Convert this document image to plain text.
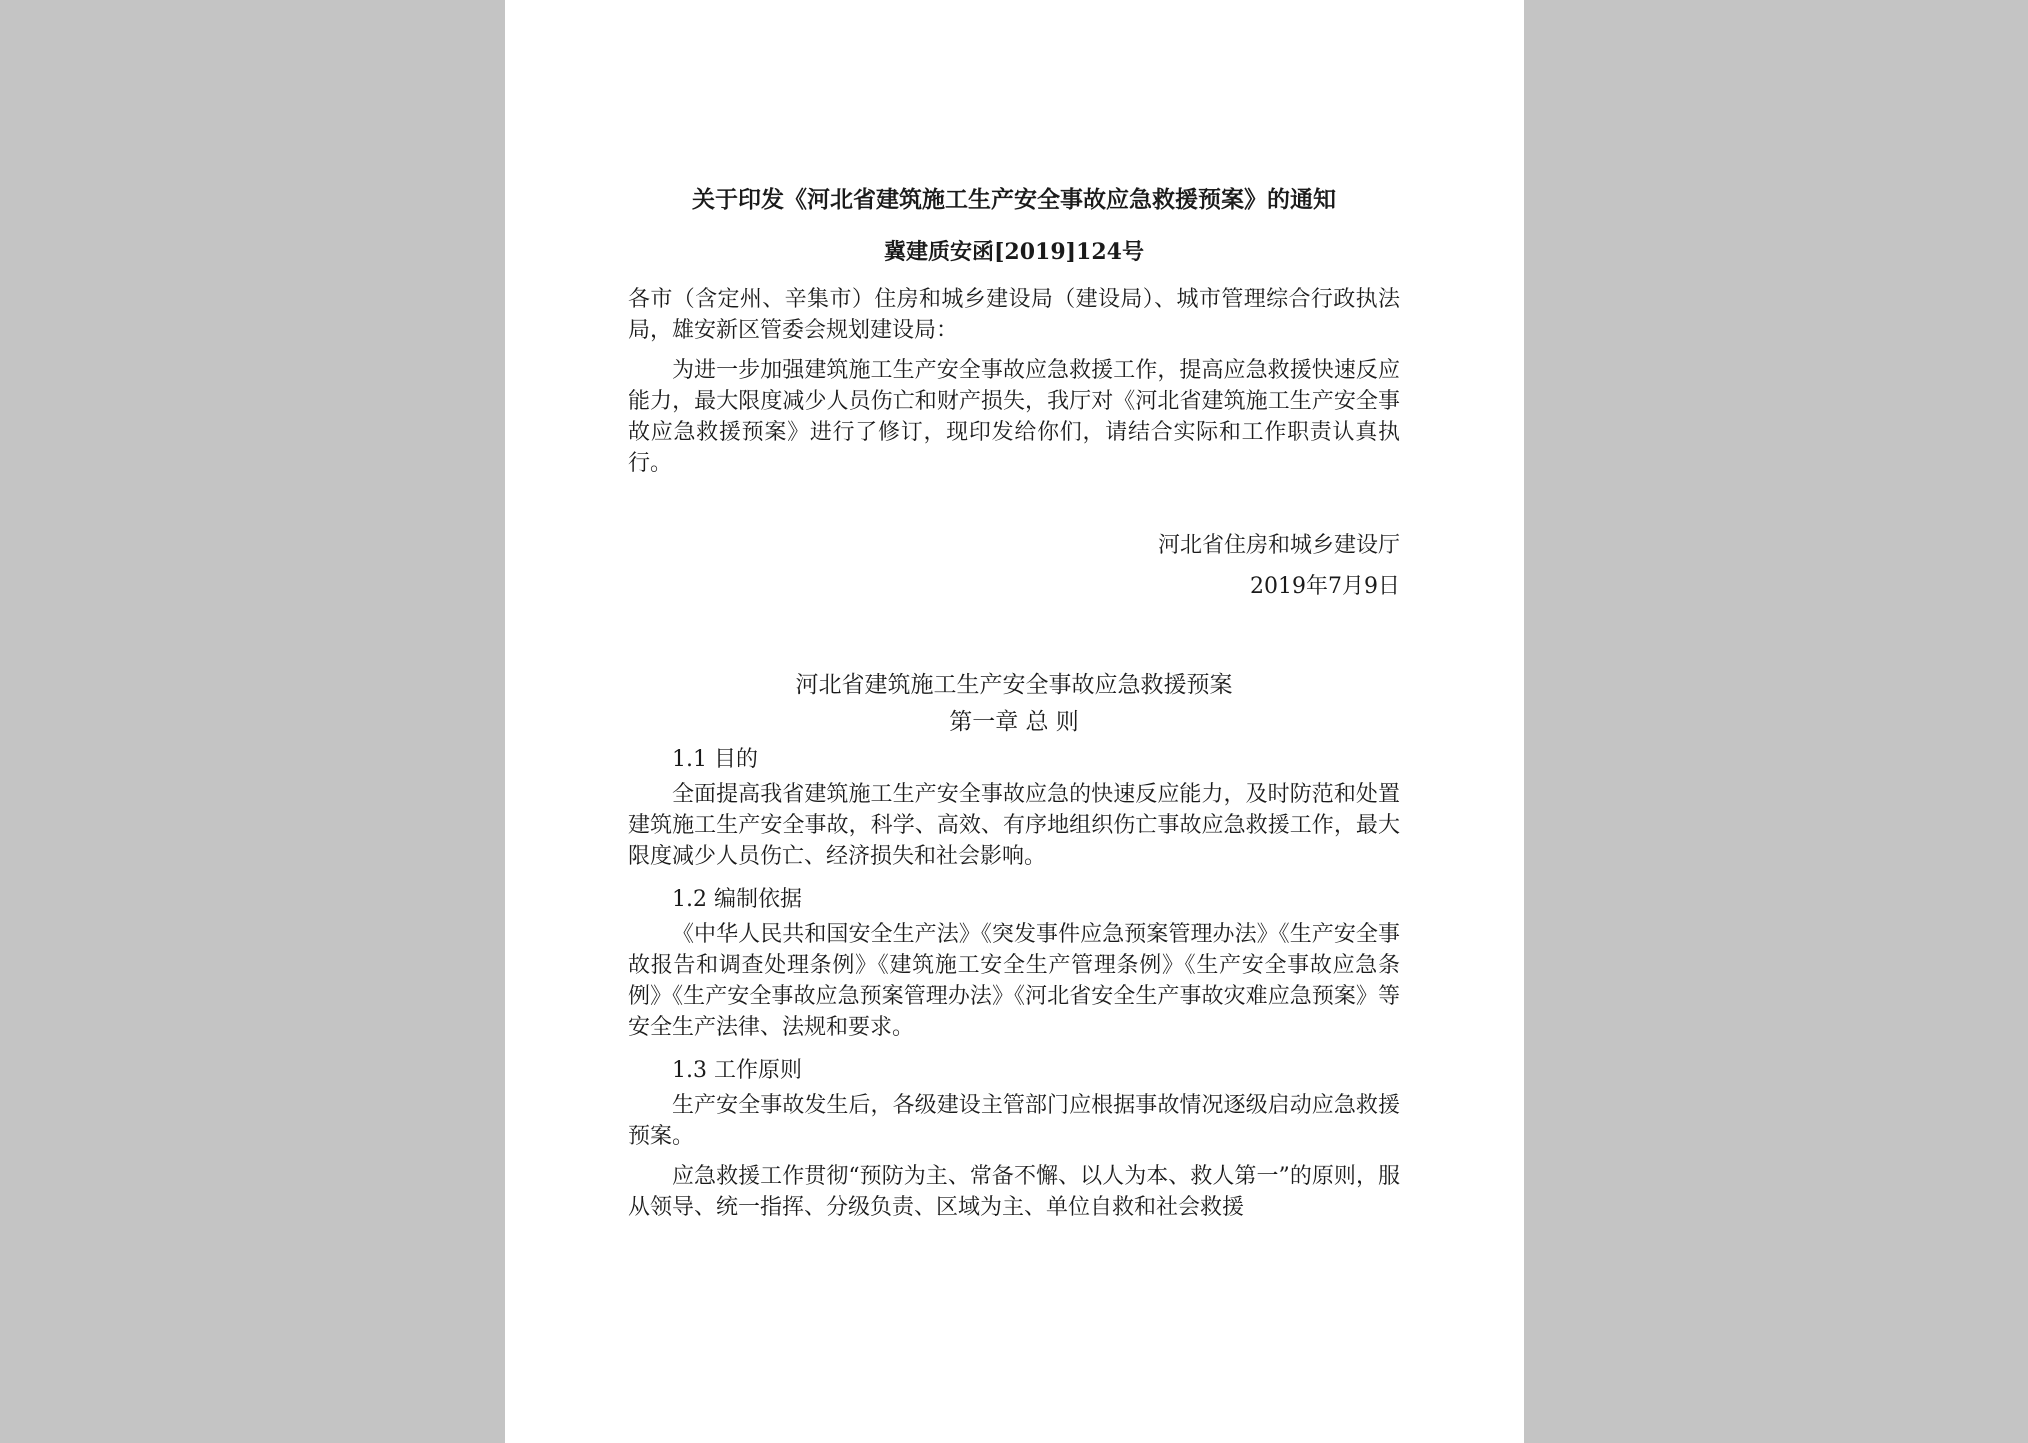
关于印发《河北省建筑施工生产安全事故应急救援预案》的通知

冀建质安函[2019]124号

各市（含定州、辛集市）住房和城乡建设局（建设局）、城市管理综合行政执法局，雄安新区管委会规划建设局：

为进一步加强建筑施工生产安全事故应急救援工作，提高应急救援快速反应能力，最大限度减少人员伤亡和财产损失，我厅对《河北省建筑施工生产安全事故应急救援预案》进行了修订，现印发给你们，请结合实际和工作职责认真执行。

河北省住房和城乡建设厅

2019年7月9日

河北省建筑施工生产安全事故应急救援预案

第一章 总 则

1.1 目的

全面提高我省建筑施工生产安全事故应急的快速反应能力，及时防范和处置建筑施工生产安全事故，科学、高效、有序地组织伤亡事故应急救援工作，最大限度减少人员伤亡、经济损失和社会影响。

1.2 编制依据

《中华人民共和国安全生产法》《突发事件应急预案管理办法》《生产安全事故报告和调查处理条例》《建筑施工安全生产管理条例》《生产安全事故应急条例》《生产安全事故应急预案管理办法》《河北省安全生产事故灾难应急预案》等安全生产法律、法规和要求。

1.3 工作原则

生产安全事故发生后，各级建设主管部门应根据事故情况逐级启动应急救援预案。

应急救援工作贯彻“预防为主、常备不懈、以人为本、救人第一”的原则，服从领导、统一指挥、分级负责、区域为主、单位自救和社会救援
